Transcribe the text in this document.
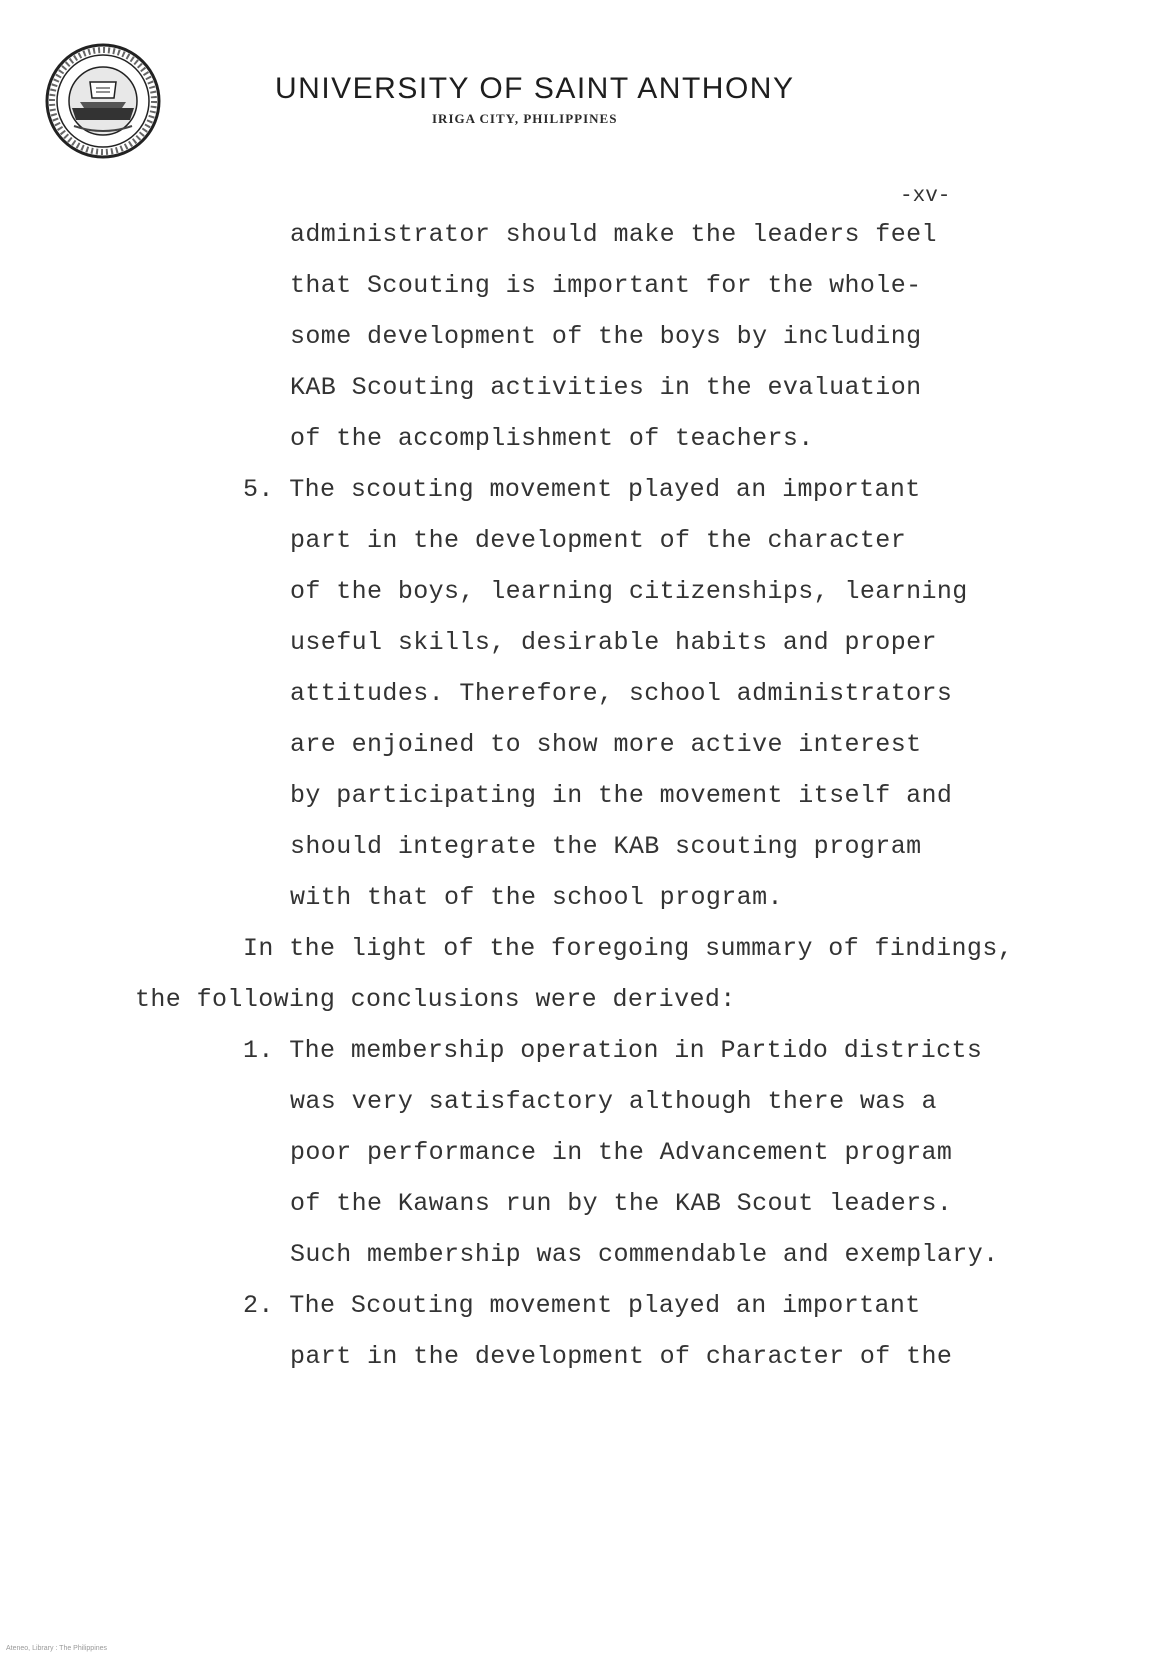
UNIVERSITY OF SAINT ANTHONY
IRIGA CITY, PHILIPPINES
-xv-
administrator should make the leaders feel
that Scouting is important for the whole-
some development of the boys by including
KAB Scouting activities in the evaluation
of the accomplishment of teachers.
5. The scouting movement played an important
part in the development of the character
of the boys, learning citizenships, learning
useful skills, desirable habits and proper
attitudes. Therefore, school administrators
are enjoined to show more active interest
by participating in the movement itself and
should integrate the KAB scouting program
with that of the school program.
In the light of the foregoing summary of findings,
the following conclusions were derived:
1. The membership operation in Partido districts
was very satisfactory although there was a
poor performance in the Advancement program
of the Kawans run by the KAB Scout leaders.
Such membership was commendable and exemplary.
2. The Scouting movement played an important
part in the development of character of the
Ateneo, Library : The Philippines
